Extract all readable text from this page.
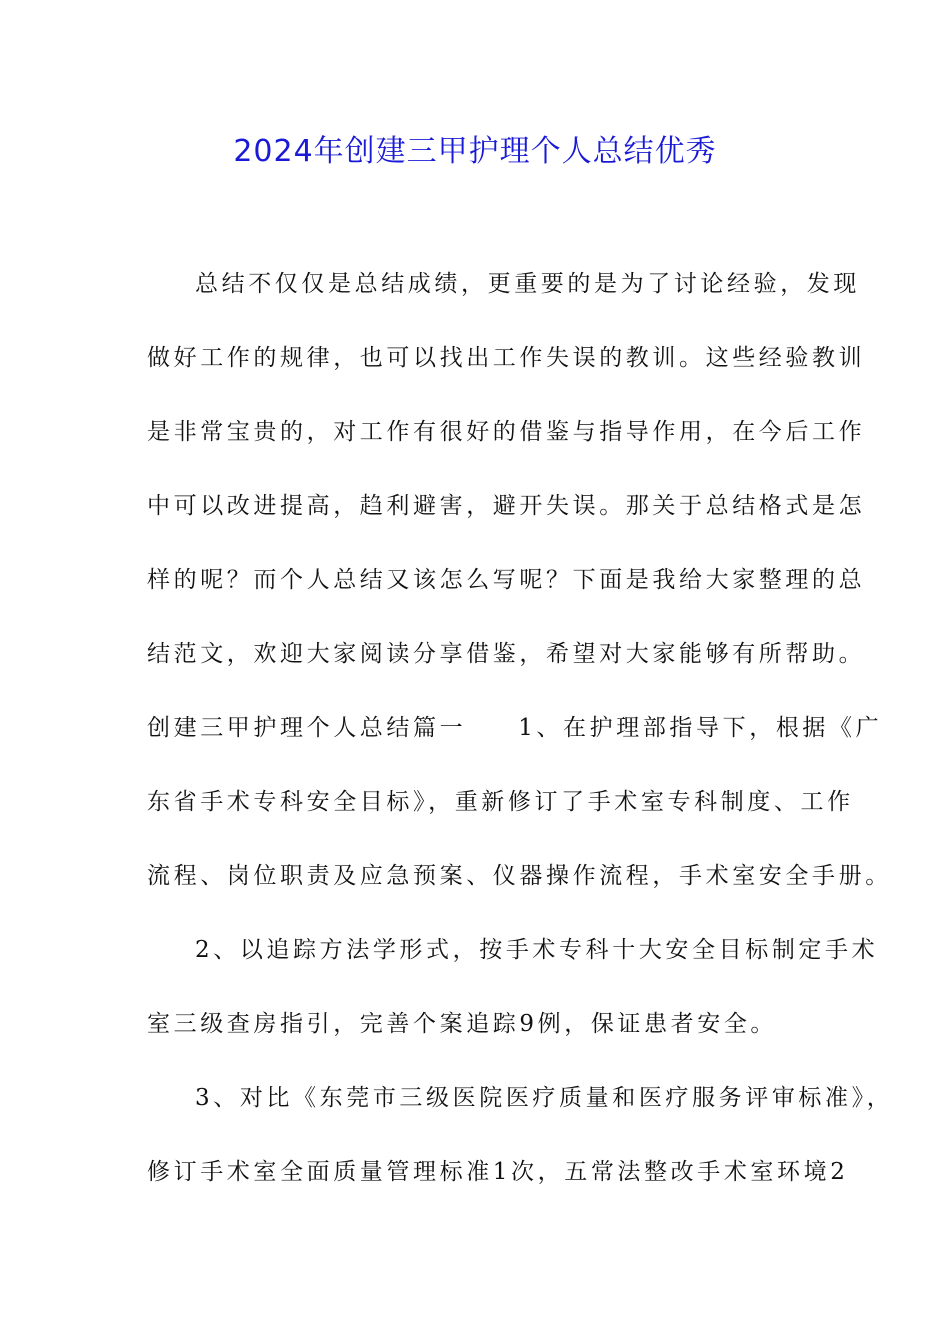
2024年创建三甲护理个人总结优秀
总结不仅仅是总结成绩，更重要的是为了讨论经验，发现
做好工作的规律，也可以找出工作失误的教训。这些经验教训
是非常宝贵的，对工作有很好的借鉴与指导作用，在今后工作
中可以改进提高，趋利避害，避开失误。那关于总结格式是怎
样的呢？而个人总结又该怎么写呢？下面是我给大家整理的总
结范文，欢迎大家阅读分享借鉴，希望对大家能够有所帮助。
创建三甲护理个人总结篇一 1、在护理部指导下，根据《广
东省手术专科安全目标》，重新修订了手术室专科制度、工作
流程、岗位职责及应急预案、仪器操作流程，手术室安全手册。
2、以追踪方法学形式，按手术专科十大安全目标制定手术
室三级查房指引，完善个案追踪9例，保证患者安全。
3、对比《东莞市三级医院医疗质量和医疗服务评审标准》，
修订手术室全面质量管理标准1次，五常法整改手术室环境2
